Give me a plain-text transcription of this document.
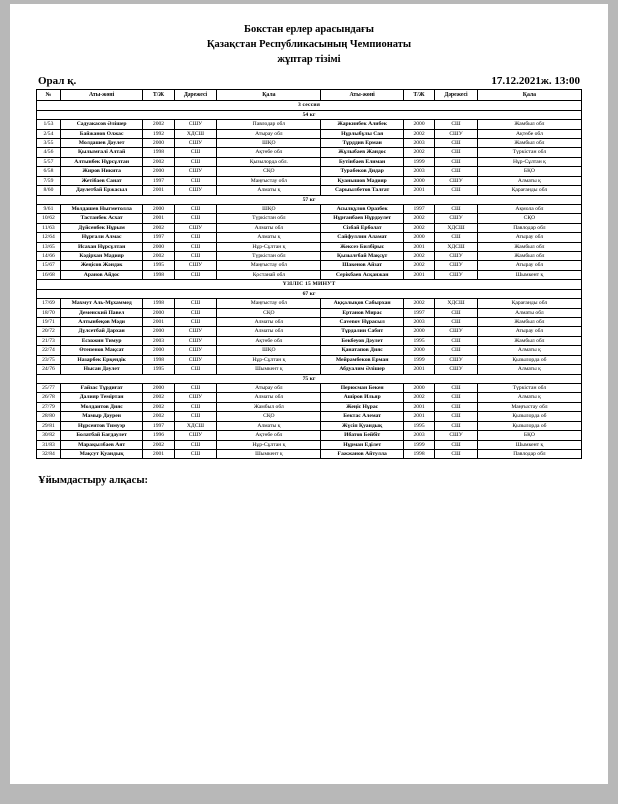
Бокстан ерлер арасындағы
Қазақстан Республикасының Чемпионаты
жұптар тізімі
Орал қ.	17.12.2021ж. 13:00
№	Аты-жөні	Т/Ж	Дәрежесі	Қала	Аты-жөні	Т/Ж	Дәрежесі	Қала
3 сессия								
54 кг								
1/53	Садуакасов Әлішер	2002	СШУ	Павлодар обл	Жаркинбек Алибек	2000	СШ	Жамбыл обл
2/54	Байжанов Олжас	1992	ХДСШ	Атырау обл	Нұрлыбұлы Сая	2002	СШУ	Ақтөбе обл
3/55	Молдашев Дәулет	2000	СШУ	ШҚО	Тұрддив Ерман	2003	СШ	Жамбыл обл
4/56	Қылымғалі Алтай	1998	СШ	Ақтөбе обл	Жұлыбаев Жандос	2002	СШ	Түркістан обл
5/57	Алтынбек Нұрсұлтан	2002	СШ	Қызылорда обл.	Бутінбаев Елиман	1999	СШ	Нұр-Сұлтан қ
6/58	Жиров Никита	2000	СШУ	СҚО	Турабеков Дидар	2003	СШ	БҚО
7/59	Жетібаев Санат	1997	СШ	Маңғыстау обл	Қуанышов Мадияр	2000	СШУ	Алматы қ
8/60	Даулетбай Ержасыл	2001	СШУ	Алматы қ	Сарыылбетов Талғат	2001	СШ	Қарағанды обл
57 кг								
9/61	Молдашев Ныгметолла	2000	СШ	ШҚО	Асылқұлов Оразбек	1997	СШ	Ақмола обл
10/62	Тастанбек Асхат	2001	СШ	Түркістан обл	Нұрғанбаев Нұрдәулет	2002	СШУ	СҚО
11/63	Дүйсенбек Нұрым	2002	СШУ	Алматы обл	Сізбай Ерболат	2002	ХДСШ	Павлодар обл
12/64	Нұрғали Алмас	1997	СШ	Алматы қ	Сайфуллин Аламат	2000	СШ	Атырау обл
13/65	Исахан Нұрсұлтан	2000	СШ	Нұр-Сұлтан қ	Жексеэ Билбірыс	2001	ХДСШ	Жамбыл обл
14/66	Кәдірхан Мадияр	2002	СШ	Түркістан обл	Қызылғбай Мақсұт	2002	СШУ	Жамбыл обл
15/67	Жеңісов Жәндәк	1995	СШУ	Маңғыстау обл	Шакенов Айзат	2002	СШУ	Атырау обл
16/68	Аранов Айдос	1998	СШ	Қостанай обл	Серікбаев Асқанжан	2001	СШУ	Шымкент қ
ҮЗІЛІС 15 МИНУТ								
67 кг								
17/69	Махмут Аль-Мұхаммед	1998	СШ	Маңғыстау обл	Аққалықов Сабырхан	2002	ХДСШ	Қарағанды обл
18/70	Деменский Павел	2000	СШ	СҚО	Ертанов Мирас	1997	СШ	Алматы обл
19/71	Алтынбеқов Мәди	2001	СШ	Алматы обл	Саvenоv Нұрасыл	2003	СШ	Жамбыл обл
20/72	Дүлсетбай Дархан	2000	СШУ	Алматы обл	Тұрдалин Сабит	2000	СШУ	Атырау обл
21/73	Есхожин Тимур	2003	СШУ	Ақтөбе обл	Бекбеуов Дәулет	1995	СШ	Жамбыл обл
22/74	Өтепенов Мақсат	2000	СШУ	ШҚО	Қанатапов Дияс	2000	СШ	Алматы қ
23/75	Назарбек Ерқендік	1998	СШУ	Нұр-Сұлтан қ	Мейрамбеков Ерман	1999	СШУ	Қызылорда об
24/76	Нысан Дәулет	1995	СШ	Шымкент қ	Абдуалим Әлішер	2001	СШУ	Алматы қ
75 кг								
25/77	Ғайзас Тұрдиғат	2000	СШ	Атырау обл	Перюсман Бекен	2000	СШ	Түркістан обл
26/78	Далияр Теміртан	2002	СШУ	Алматы обл	Ашіров Ильяр	2002	СШ	Алматы қ
27/79	Молдаитов Дияс	2002	СШ	Жамбыл обл	Жеңіс Нұрас	2001	СШ	Маңғыстау обл
28/80	Мамыр Дәурен	2002	СШ	СҚО	Бектас Алемат	2001	СШ	Қызылорда об
29/81	Нұрсеитов Тимуэр	1997	ХДСШ	Алматы қ	Жүсіп Қуандық	1995	СШ	Қызылорда об
30/82	Болатбай Бағдаулет	1996	СШУ	Ақтөбе обл	Ибатов Бейбіт	2003	СШУ	БҚО
31/83	Марақылбаев Аят	2002	СШ	Нұр-Сұлтан қ	Нұрман Еділет	1999	СШ	Шымкент қ
32/84	Мақсут Қуандық	2001	СШ	Шымкент қ	Ғажжанов Айтулла	1998	СШ	Павлодар обл
Ұйымдастыру алқасы:
